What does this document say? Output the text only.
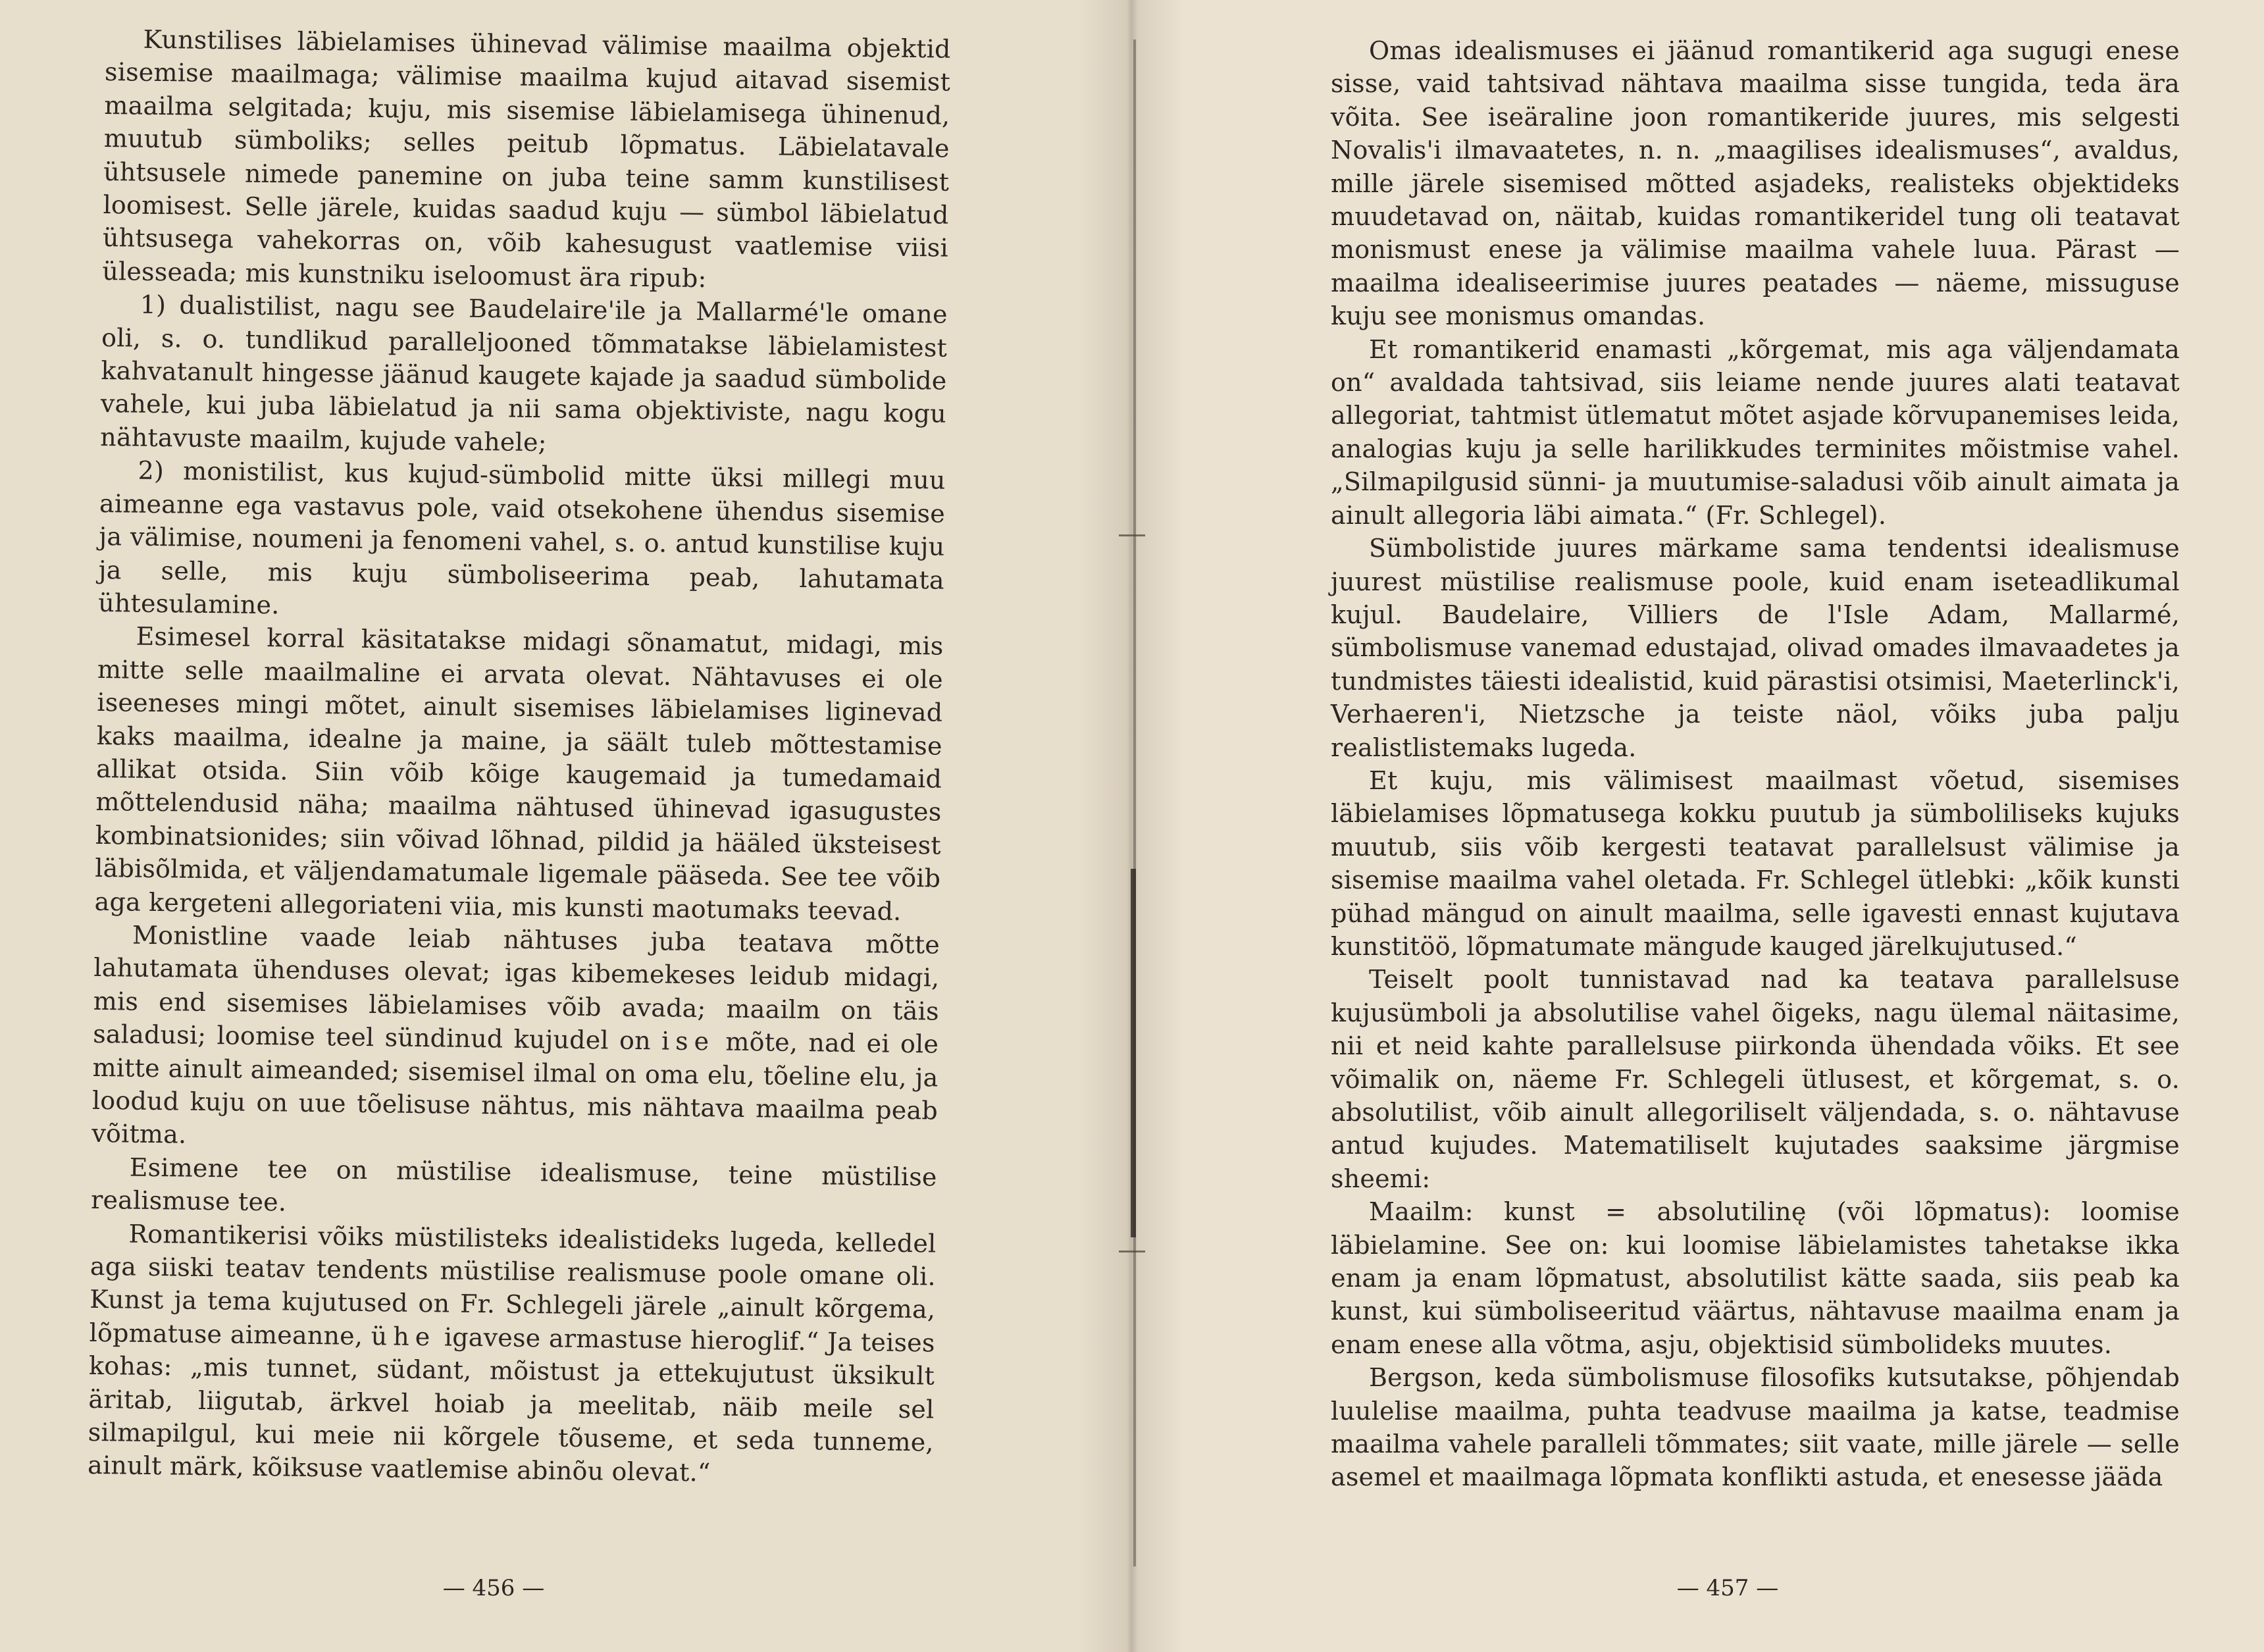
Kunstilises läbielamises ühinevad välimise maailma objektid sisemise maailmaga; välimise maailma kujud aitavad sisemist maailma selgitada; kuju, mis sisemise läbielamisega ühinenud, muutub sümboliks; selles peitub lõpmatus. Läbielatavale ühtsusele nimede panemine on juba teine samm kunstilisest loomisest. Selle järele, kuidas saadud kuju — sümbol läbielatud ühtsusega vahekorras on, võib kahesugust vaatlemise viisi ülesseada; mis kunstniku iseloomust ära ripub:

1) dualistilist, nagu see Baudelaire'ile ja Mallarmé'le omane oli, s. o. tundlikud paralleljooned tõmmatakse läbielamistest kahvatanult hingesse jäänud kaugete kajade ja saadud sümbolide vahele, kui juba läbielatud ja nii sama objektiviste, nagu kogu nähtavuste maailm, kujude vahele;

2) monistilist, kus kujud-sümbolid mitte üksi millegi muu aimeanne ega vastavus pole, vaid otsekohene ühendus sisemise ja välimise, noumeni ja fenomeni vahel, s. o. antud kunstilise kuju ja selle, mis kuju sümboliseerima peab, lahutamata ühtesulamine.

Esimesel korral käsitatakse midagi sõnamatut, midagi, mis mitte selle maailmaline ei arvata olevat. Nähtavuses ei ole iseeneses mingi mõtet, ainult sisemises läbielamises liginevad kaks maailma, idealne ja maine, ja säält tuleb mõttestamise allikat otsida. Siin võib kõige kaugemaid ja tumedamaid mõttelendusid näha; maailma nähtused ühinevad igasugustes kombinatsionides; siin võivad lõhnad, pildid ja hääled üksteisest läbisõlmida, et väljendamatumale ligemale pääseda. See tee võib aga kergeteni allegoriateni viia, mis kunsti maotumaks teevad.

Monistline vaade leiab nähtuses juba teatava mõtte lahutamata ühenduses olevat; igas kibemekeses leidub midagi, mis end sisemises läbielamises võib avada; maailm on täis saladusi; loomise teel sündinud kujudel on ise mõte, nad ei ole mitte ainult aimeanded; sisemisel ilmal on oma elu, tõeline elu, ja loodud kuju on uue tõelisuse nähtus, mis nähtava maailma peab võitma.

Esimene tee on müstilise idealismuse, teine müstilise realismuse tee.

Romantikerisi võiks müstilisteks idealistideks lugeda, kelledel aga siiski teatav tendents müstilise realismuse poole omane oli. Kunst ja tema kujutused on Fr. Schlegeli järele „ainult kõrgema, lõpmatuse aimeanne, ühe igavese armastuse hieroglif.“ Ja teises kohas: „mis tunnet, südant, mõistust ja ettekujutust üksikult äritab, liigutab, ärkvel hoiab ja meelitab, näib meile sel silmapilgul, kui meie nii kõrgele tõuseme, et seda tunneme, ainult märk, kõiksuse vaatlemise abinõu olevat.“

— 456 —

Omas idealismuses ei jäänud romantikerid aga sugugi enese sisse, vaid tahtsivad nähtava maailma sisse tungida, teda ära võita. See iseäraline joon romantikeride juures, mis selgesti Novalis'i ilmavaatetes, n. n. „maagilises idealismuses“, avaldus, mille järele sisemised mõtted asjadeks, realisteks objektideks muudetavad on, näitab, kuidas romantikeridel tung oli teatavat monismust enese ja välimise maailma vahele luua. Pärast — maailma idealiseerimise juures peatades — näeme, missuguse kuju see monismus omandas.

Et romantikerid enamasti „kõrgemat, mis aga väljendamata on“ avaldada tahtsivad, siis leiame nende juures alati teatavat allegoriat, tahtmist ütlematut mõtet asjade kõrvupanemises leida, analogias kuju ja selle harilikkudes terminites mõistmise vahel. „Silmapilgusid sünni- ja muutumise-saladusi võib ainult aimata ja ainult allegoria läbi aimata.“ (Fr. Schlegel).

Sümbolistide juures märkame sama tendentsi idealismuse juurest müstilise realismuse poole, kuid enam iseteadlikumal kujul. Baudelaire, Villiers de l'Isle Adam, Mallarmé, sümbolismuse vanemad edustajad, olivad omades ilmavaadetes ja tundmistes täiesti idealistid, kuid pärastisi otsimisi, Maeterlinck'i, Verhaeren'i, Nietzsche ja teiste näol, võiks juba palju realistlistemaks lugeda.

Et kuju, mis välimisest maailmast võetud, sisemises läbielamises lõpmatusega kokku puutub ja sümboliliseks kujuks muutub, siis võib kergesti teatavat parallelsust välimise ja sisemise maailma vahel oletada. Fr. Schlegel ütlebki: „kõik kunsti pühad mängud on ainult maailma, selle igavesti ennast kujutava kunstitöö, lõpmatumate mängude kauged järelkujutused.“

Teiselt poolt tunnistavad nad ka teatava parallelsuse kujusümboli ja absolutilise vahel õigeks, nagu ülemal näitasime, nii et neid kahte parallelsuse piirkonda ühendada võiks. Et see võimalik on, näeme Fr. Schlegeli ütlusest, et kõrgemat, s. o. absolutilist, võib ainult allegoriliselt väljendada, s. o. nähtavuse antud kujudes. Matematiliselt kujutades saaksime järgmise sheemi:

Maailm: kunst = absolutilinę (või lõpmatus): loomise läbielamine. See on: kui loomise läbielamistes tahetakse ikka enam ja enam lõpmatust, absolutilist kätte saada, siis peab ka kunst, kui sümboliseeritud väärtus, nähtavuse maailma enam ja enam enese alla võtma, asju, objektisid sümbolideks muutes.

Bergson, keda sümbolismuse filosofiks kutsutakse, põhjendab luulelise maailma, puhta teadvuse maailma ja katse, teadmise maailma vahele paralleli tõmmates; siit vaate, mille järele — selle asemel et maailmaga lõpmata konflikti astuda, et enesesse jääda

— 457 —
